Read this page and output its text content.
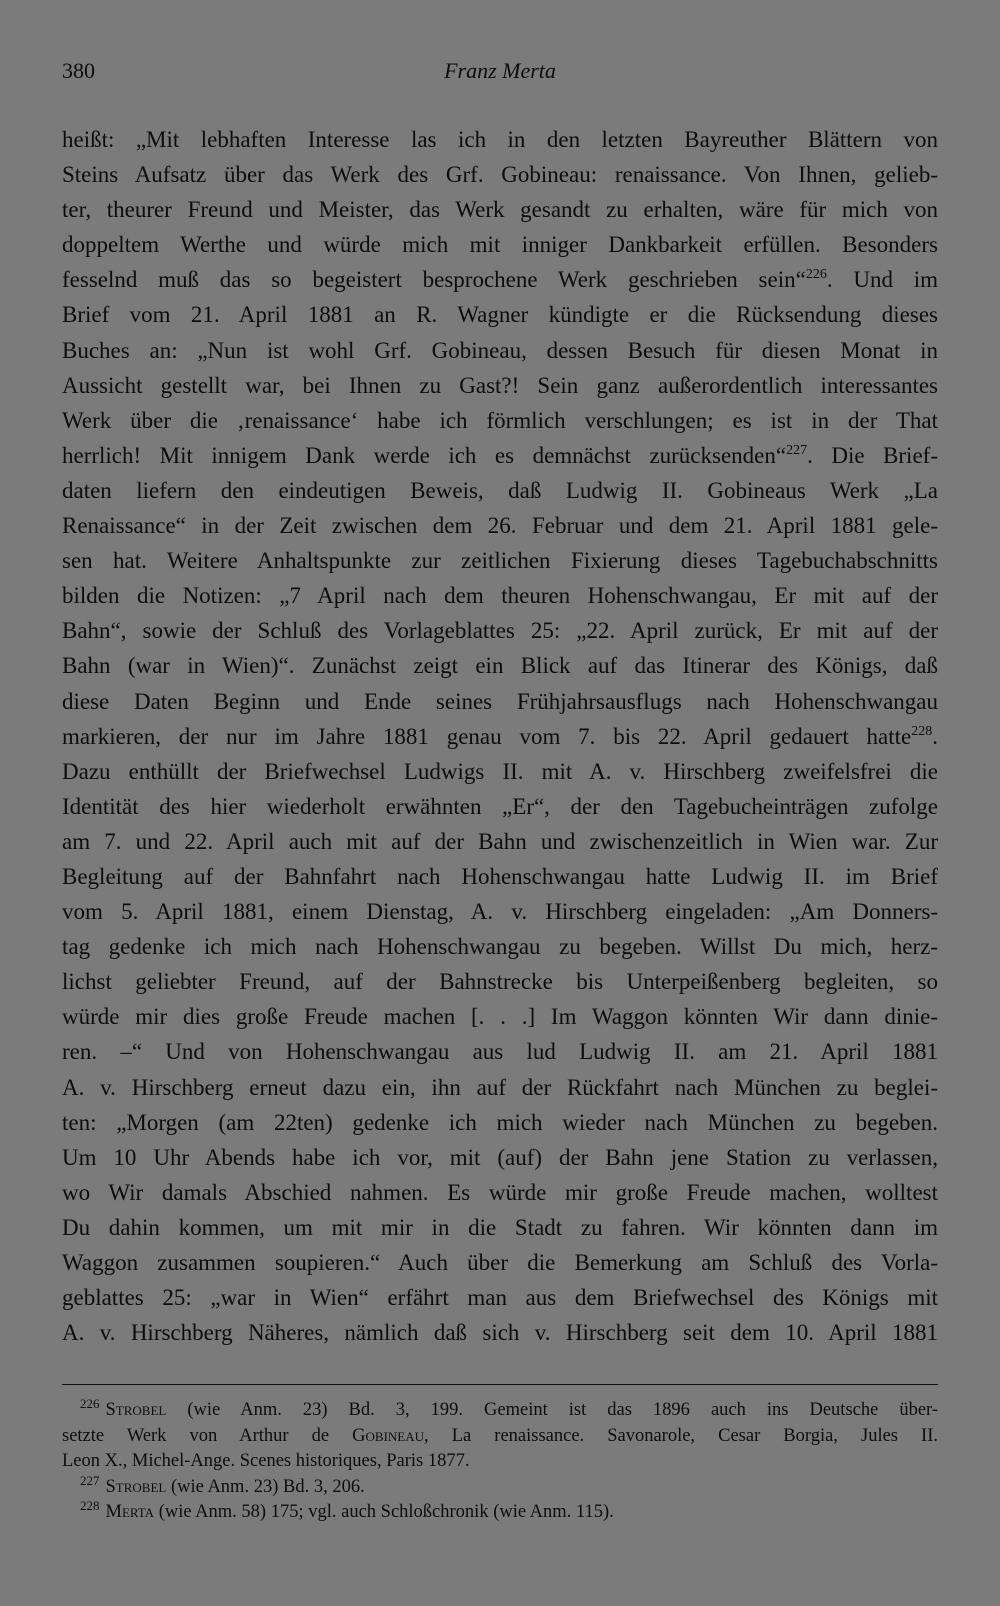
380	Franz Merta
heißt: „Mit lebhaften Interesse las ich in den letzten Bayreuther Blättern von
Steins Aufsatz über das Werk des Grf. Gobineau: renaissance. Von Ihnen, gelieb-
ter, theurer Freund und Meister, das Werk gesandt zu erhalten, wäre für mich von
doppeltem Werthe und würde mich mit inniger Dankbarkeit erfüllen. Besonders
fesselnd muß das so begeistert besprochene Werk geschrieben sein“$^{226}$. Und im
Brief vom 21. April 1881 an R. Wagner kündigte er die Rücksendung dieses
Buches an: „Nun ist wohl Grf. Gobineau, dessen Besuch für diesen Monat in
Aussicht gestellt war, bei Ihnen zu Gast?! Sein ganz außerordentlich interessantes
Werk über die ‚renaissance‘ habe ich förmlich verschlungen; es ist in der That
herrlich! Mit innigem Dank werde ich es demnächst zurücksenden“$^{227}$. Die Brief-
daten liefern den eindeutigen Beweis, daß Ludwig II. Gobineaus Werk „La
Renaissance“ in der Zeit zwischen dem 26. Februar und dem 21. April 1881 gele-
sen hat. Weitere Anhaltspunkte zur zeitlichen Fixierung dieses Tagebuchabschnitts
bilden die Notizen: „7 April nach dem theuren Hohenschwangau, Er mit auf der
Bahn“, sowie der Schluß des Vorlageblattes 25: „22. April zurück, Er mit auf der
Bahn (war in Wien)“. Zunächst zeigt ein Blick auf das Itinerar des Königs, daß
diese Daten Beginn und Ende seines Frühjahrsausflugs nach Hohenschwangau
markieren, der nur im Jahre 1881 genau vom 7. bis 22. April gedauert hatte$^{228}$.
Dazu enthüllt der Briefwechsel Ludwigs II. mit A. v. Hirschberg zweifelsfrei die
Identität des hier wiederholt erwähnten „Er“, der den Tagebucheinträgen zufolge
am 7. und 22. April auch mit auf der Bahn und zwischenzeitlich in Wien war. Zur
Begleitung auf der Bahnfahrt nach Hohenschwangau hatte Ludwig II. im Brief
vom 5. April 1881, einem Dienstag, A. v. Hirschberg eingeladen: „Am Donners-
tag gedenke ich mich nach Hohenschwangau zu begeben. Willst Du mich, herz-
lichst geliebter Freund, auf der Bahnstrecke bis Unterpeißenberg begleiten, so
würde mir dies große Freude machen [. . .] Im Waggon könnten Wir dann dinie-
ren. –“ Und von Hohenschwangau aus lud Ludwig II. am 21. April 1881
A. v. Hirschberg erneut dazu ein, ihn auf der Rückfahrt nach München zu beglei-
ten: „Morgen (am 22ten) gedenke ich mich wieder nach München zu begeben.
Um 10 Uhr Abends habe ich vor, mit (auf) der Bahn jene Station zu verlassen,
wo Wir damals Abschied nahmen. Es würde mir große Freude machen, wolltest
Du dahin kommen, um mit mir in die Stadt zu fahren. Wir könnten dann im
Waggon zusammen soupieren.“ Auch über die Bemerkung am Schluß des Vorla-
geblattes 25: „war in Wien“ erfährt man aus dem Briefwechsel des Königs mit
A. v. Hirschberg Näheres, nämlich daß sich v. Hirschberg seit dem 10. April 1881
$^{226}$ Strobel (wie Anm. 23) Bd. 3, 199. Gemeint ist das 1896 auch ins Deutsche über-
setzte Werk von Arthur de Gobineau, La renaissance. Savonarole, Cesar Borgia, Jules II.
Leon X., Michel-Ange. Scenes historiques, Paris 1877.
$^{227}$ Strobel (wie Anm. 23) Bd. 3, 206.
$^{228}$ Merta (wie Anm. 58) 175; vgl. auch Schloßchronik (wie Anm. 115).
